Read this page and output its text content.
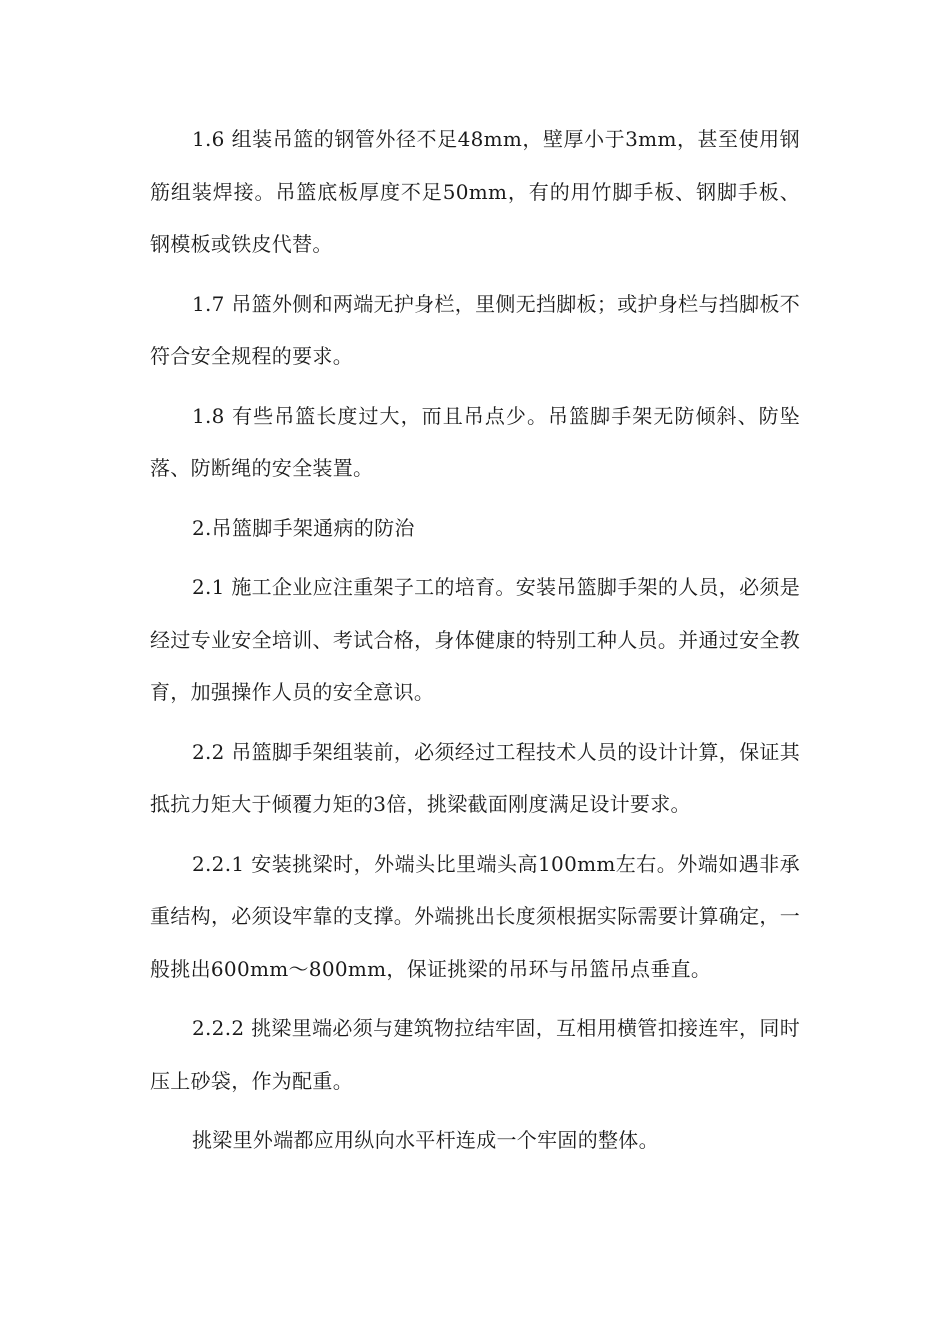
1.6 组装吊篮的钢管外径不足48mm，壁厚小于3mm，甚至使用钢筋组装焊接。吊篮底板厚度不足50mm，有的用竹脚手板、钢脚手板、钢模板或铁皮代替。

1.7 吊篮外侧和两端无护身栏，里侧无挡脚板；或护身栏与挡脚板不符合安全规程的要求。

1.8 有些吊篮长度过大，而且吊点少。吊篮脚手架无防倾斜、防坠落、防断绳的安全装置。

2.吊篮脚手架通病的防治

2.1 施工企业应注重架子工的培育。安装吊篮脚手架的人员，必须是经过专业安全培训、考试合格，身体健康的特别工种人员。并通过安全教育，加强操作人员的安全意识。

2.2 吊篮脚手架组装前，必须经过工程技术人员的设计计算，保证其抵抗力矩大于倾覆力矩的3倍，挑梁截面刚度满足设计要求。

2.2.1 安装挑梁时，外端头比里端头高100mm左右。外端如遇非承重结构，必须设牢靠的支撑。外端挑出长度须根据实际需要计算确定，一般挑出600mm～800mm，保证挑梁的吊环与吊篮吊点垂直。

2.2.2 挑梁里端必须与建筑物拉结牢固，互相用横管扣接连牢，同时压上砂袋，作为配重。

挑梁里外端都应用纵向水平杆连成一个牢固的整体。
